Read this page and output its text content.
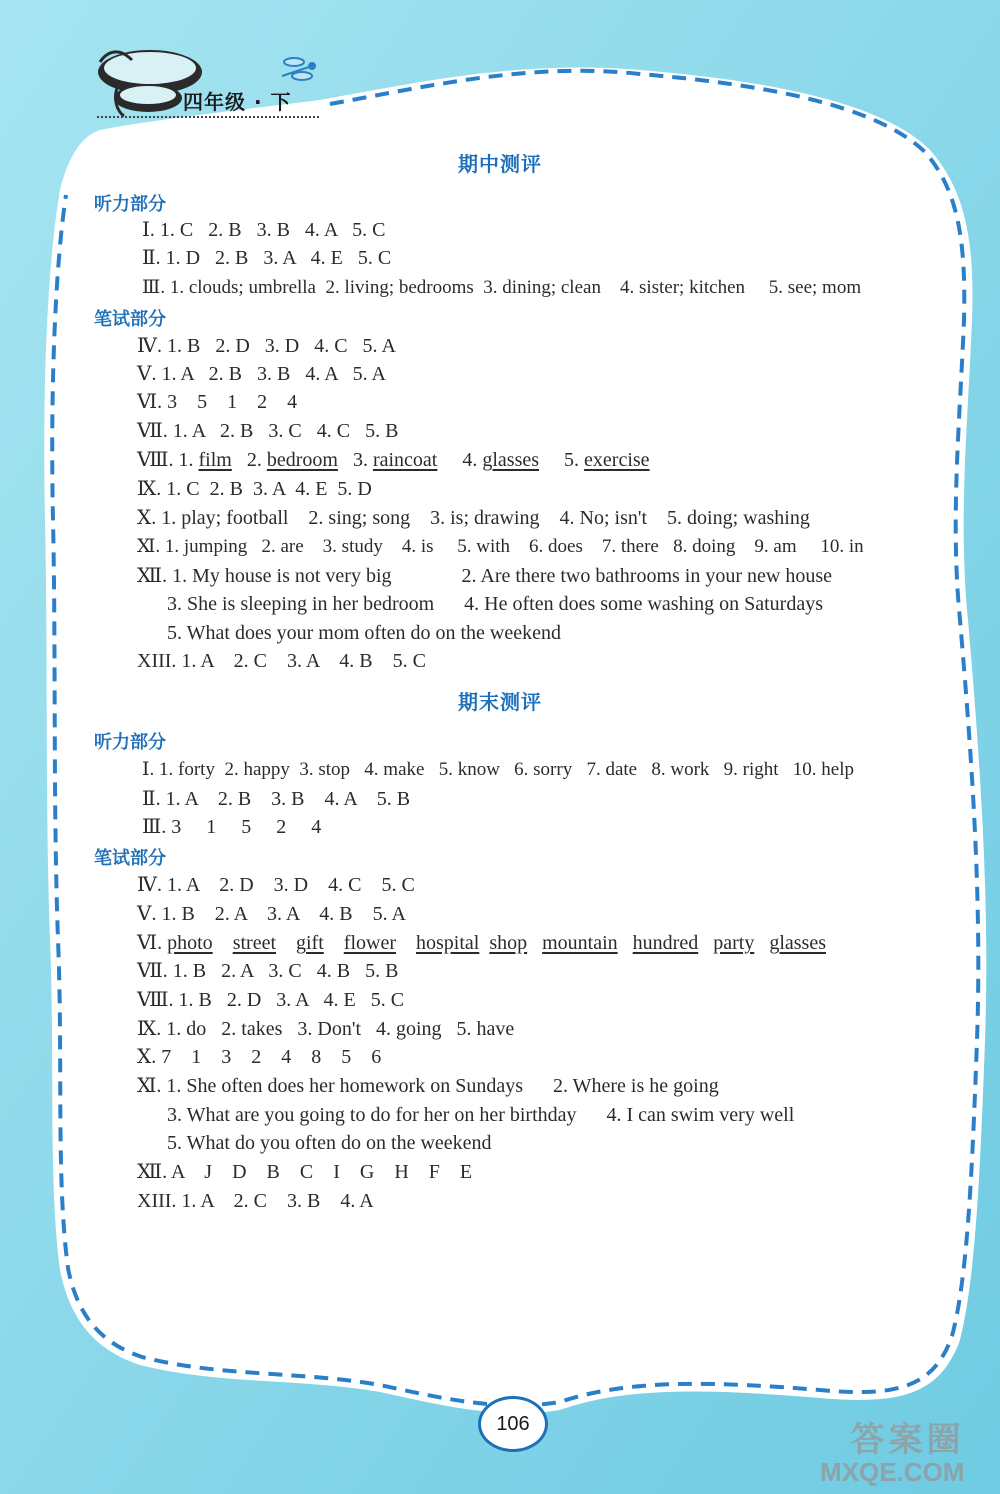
四年级 · 下
期中测评
听力部分
Ⅰ. 1. C   2. B   3. B   4. A   5. C
Ⅱ. 1. D   2. B   3. A   4. E   5. C
Ⅲ. 1. clouds; umbrella  2. living; bedrooms  3. dining; clean    4. sister; kitchen     5. see; mom
笔试部分
Ⅳ. 1. B   2. D   3. D   4. C   5. A
Ⅴ. 1. A   2. B   3. B   4. A   5. A
Ⅵ. 3    5    1    2    4
Ⅶ. 1. A   2. B   3. C   4. C   5. B
Ⅷ. 1. film   2. bedroom   3. raincoat     4. glasses     5. exercise
Ⅸ. 1. C  2. B  3. A  4. E  5. D
Ⅹ. 1. play; football    2. sing; song    3. is; drawing    4. No; isn't    5. doing; washing
Ⅺ. 1. jumping   2. are    3. study    4. is     5. with    6. does    7. there   8. doing    9. am     10. in
Ⅻ. 1. My house is not very big              2. Are there two bathrooms in your new house
3. She is sleeping in her bedroom      4. He often does some washing on Saturdays
5. What does your mom often do on the weekend
XIII. 1. A    2. C    3. A    4. B    5. C
期末测评
听力部分
Ⅰ. 1. forty  2. happy  3. stop   4. make   5. know   6. sorry   7. date   8. work   9. right   10. help
Ⅱ. 1. A    2. B    3. B    4. A    5. B
Ⅲ. 3     1     5     2     4
笔试部分
Ⅳ. 1. A    2. D    3. D    4. C    5. C
Ⅴ. 1. B    2. A    3. A    4. B    5. A
Ⅵ. photo street gift flower hospital shop mountain hundred party glasses
Ⅶ. 1. B   2. A   3. C   4. B   5. B
Ⅷ. 1. B   2. D   3. A   4. E   5. C
Ⅸ. 1. do   2. takes   3. Don't   4. going   5. have
Ⅹ. 7    1    3    2    4    8    5    6
Ⅺ. 1. She often does her homework on Sundays      2. Where is he going
3. What are you going to do for her on her birthday      4. I can swim very well
5. What do you often do on the weekend
Ⅻ. A    J    D    B    C    I    G    H    F    E
XIII. 1. A    2. C    3. B    4. A
106	答案圈
MXQE.COM
